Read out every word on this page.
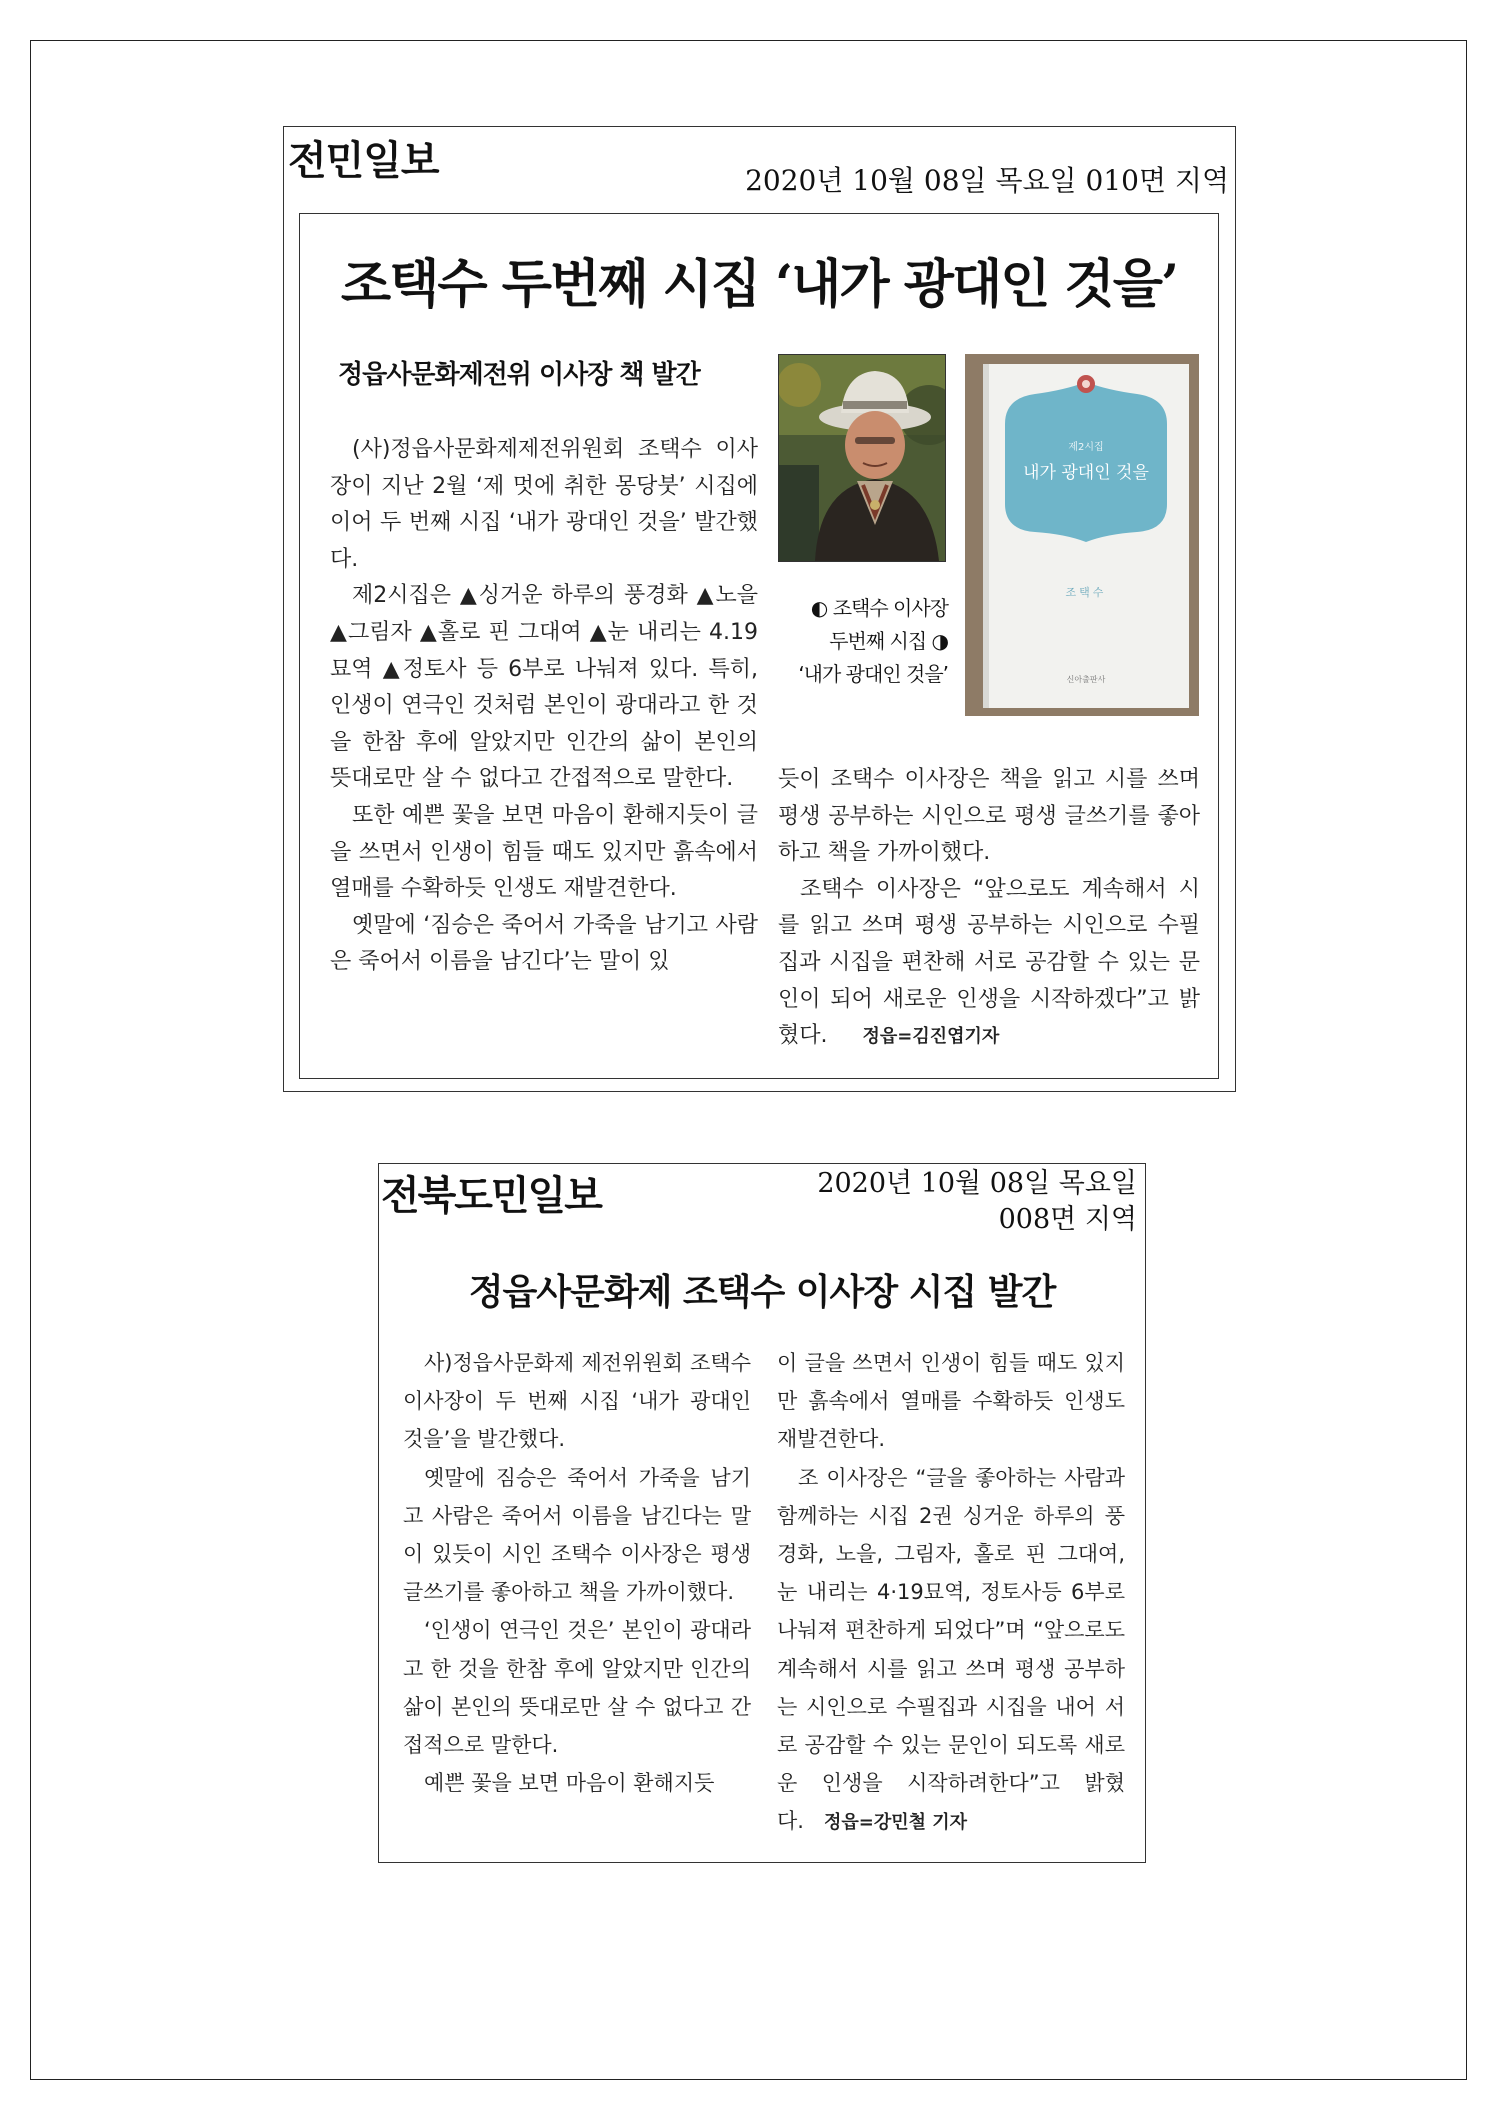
전민일보	2020년 10월 08일 목요일 010면 지역
조택수 두번째 시집 ‘내가 광대인 것을’
정읍사문화제전위 이사장 책 발간

(사)정읍사문화제제전위원회 조택수 이사장이 지난 2월 ‘제 멋에 취한 몽당붓’ 시집에 이어 두 번째 시집 ‘내가 광대인 것을’ 발간했다.

제2시집은 ▲싱거운 하루의 풍경화 ▲노을 ▲그림자 ▲홀로 핀 그대여 ▲눈 내리는 4.19묘역 ▲정토사 등 6부로 나눠져 있다. 특히, 인생이 연극인 것처럼 본인이 광대라고 한 것을 한참 후에 알았지만 인간의 삶이 본인의 뜻대로만 살 수 없다고 간접적으로 말한다.

또한 예쁜 꽃을 보면 마음이 환해지듯이 글을 쓰면서 인생이 힘들 때도 있지만 흙속에서 열매를 수확하듯 인생도 재발견한다.

옛말에 ‘짐승은 죽어서 가죽을 남기고 사람은 죽어서 이름을 남긴다’는 말이 있

제2시집
내가 광대인 것을
조택수
신아출판사
◐ 조택수 이사장
두번째 시집 ◑
‘내가 광대인 것을’

듯이 조택수 이사장은 책을 읽고 시를 쓰며 평생 공부하는 시인으로 평생 글쓰기를 좋아하고 책을 가까이했다.

조택수 이사장은 “앞으로도 계속해서 시를 읽고 쓰며 평생 공부하는 시인으로 수필집과 시집을 편찬해 서로 공감할 수 있는 문인이 되어 새로운 인생을 시작하겠다”고 밝혔다. 정읍=김진엽기자

전북도민일보	2020년 10월 08일 목요일
008면 지역
정읍사문화제 조택수 이사장 시집 발간

사)정읍사문화제 제전위원회 조택수 이사장이 두 번째 시집 ‘내가 광대인 것을’을 발간했다.

옛말에 짐승은 죽어서 가죽을 남기고 사람은 죽어서 이름을 남긴다는 말이 있듯이 시인 조택수 이사장은 평생 글쓰기를 좋아하고 책을 가까이했다.

‘인생이 연극인 것은’ 본인이 광대라고 한 것을 한참 후에 알았지만 인간의 삶이 본인의 뜻대로만 살 수 없다고 간접적으로 말한다.

예쁜 꽃을 보면 마음이 환해지듯

이 글을 쓰면서 인생이 힘들 때도 있지만 흙속에서 열매를 수확하듯 인생도 재발견한다.

조 이사장은 “글을 좋아하는 사람과 함께하는 시집 2권 싱거운 하루의 풍경화, 노을, 그림자, 홀로 핀 그대여, 눈 내리는 4·19묘역, 정토사등 6부로 나눠져 편찬하게 되었다”며 “앞으로도 계속해서 시를 읽고 쓰며 평생 공부하는 시인으로 수필집과 시집을 내어 서로 공감할 수 있는 문인이 되도록 새로운 인생을 시작하려한다”고 밝혔다. 정읍=강민철 기자
